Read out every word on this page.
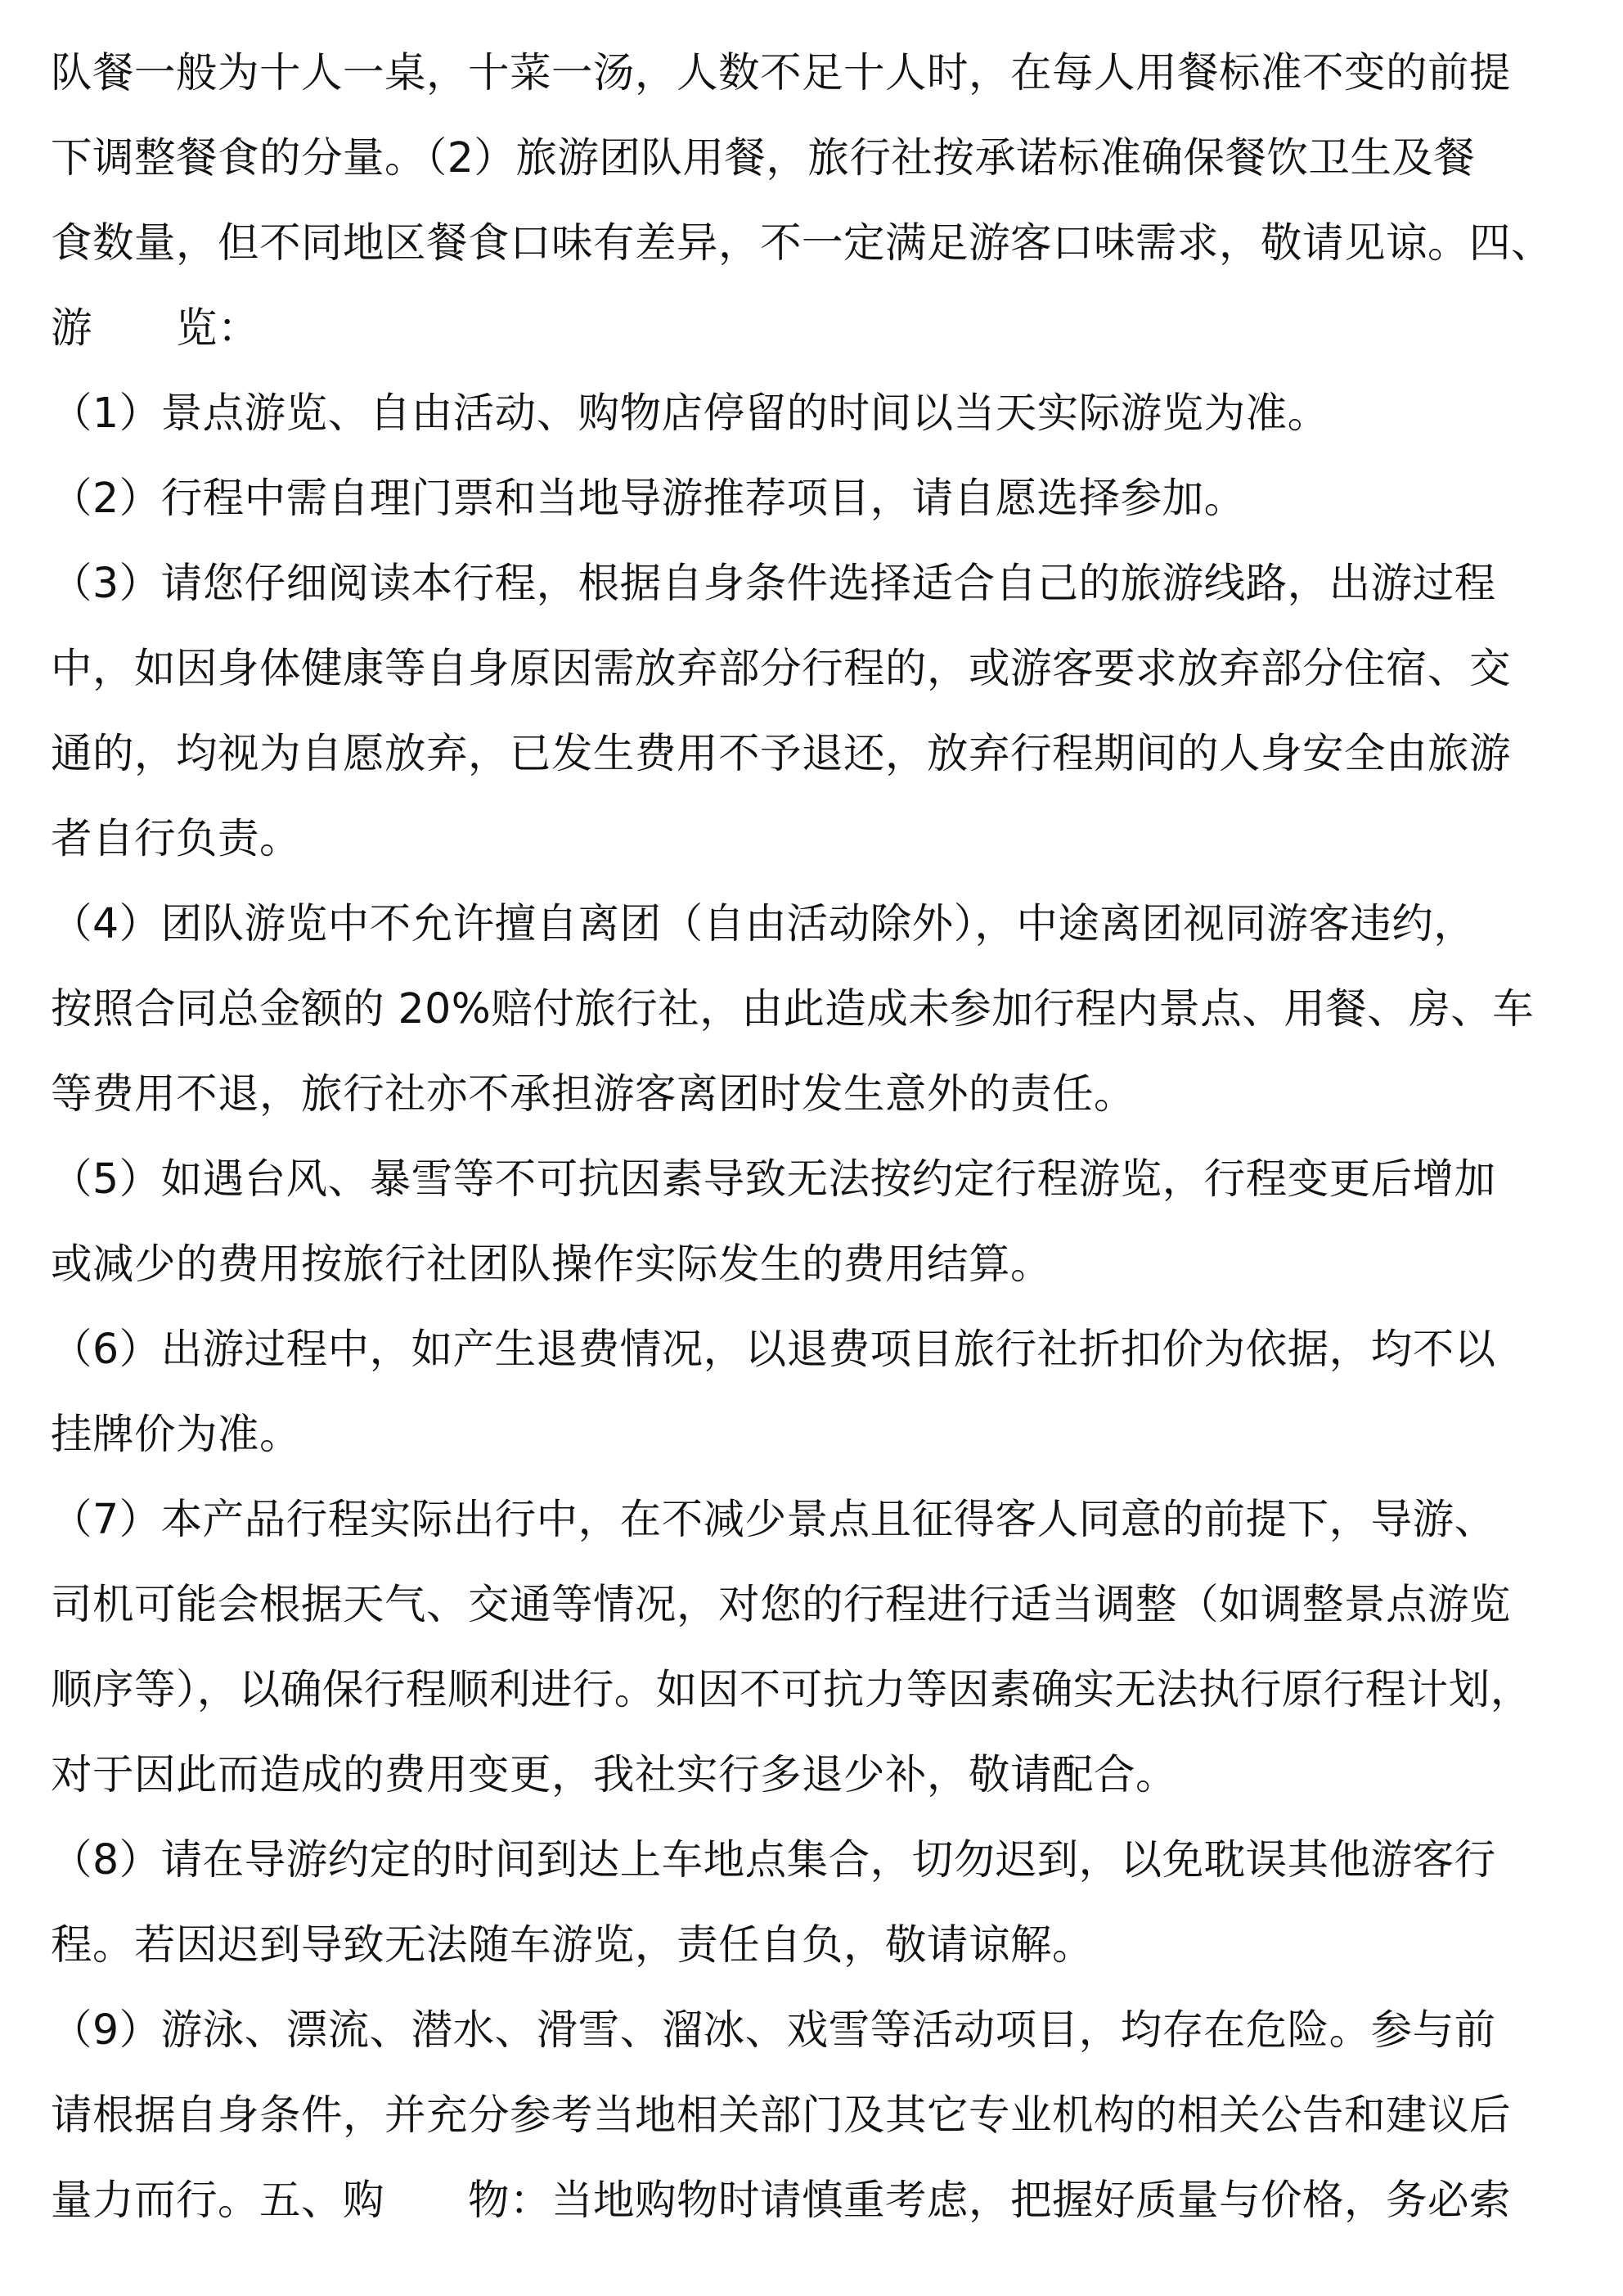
队餐一般为十人一桌，十菜一汤，人数不足十人时，在每人用餐标准不变的前提
下调整餐食的分量。（2）旅游团队用餐，旅行社按承诺标准确保餐饮卫生及餐
食数量，但不同地区餐食口味有差异，不一定满足游客口味需求，敬请见谅。四、
游　　览：
（1）景点游览、自由活动、购物店停留的时间以当天实际游览为准。
（2）行程中需自理门票和当地导游推荐项目，请自愿选择参加。
（3）请您仔细阅读本行程，根据自身条件选择适合自己的旅游线路，出游过程
中，如因身体健康等自身原因需放弃部分行程的，或游客要求放弃部分住宿、交
通的，均视为自愿放弃，已发生费用不予退还，放弃行程期间的人身安全由旅游
者自行负责。
（4）团队游览中不允许擅自离团（自由活动除外），中途离团视同游客违约，
按照合同总金额的 20%赔付旅行社，由此造成未参加行程内景点、用餐、房、车
等费用不退，旅行社亦不承担游客离团时发生意外的责任。
（5）如遇台风、暴雪等不可抗因素导致无法按约定行程游览，行程变更后增加
或减少的费用按旅行社团队操作实际发生的费用结算。
（6）出游过程中，如产生退费情况，以退费项目旅行社折扣价为依据，均不以
挂牌价为准。
（7）本产品行程实际出行中，在不减少景点且征得客人同意的前提下，导游、
司机可能会根据天气、交通等情况，对您的行程进行适当调整（如调整景点游览
顺序等），以确保行程顺利进行。如因不可抗力等因素确实无法执行原行程计划，
对于因此而造成的费用变更，我社实行多退少补，敬请配合。
（8）请在导游约定的时间到达上车地点集合，切勿迟到，以免耽误其他游客行
程。若因迟到导致无法随车游览，责任自负，敬请谅解。
（9）游泳、漂流、潜水、滑雪、溜冰、戏雪等活动项目，均存在危险。参与前
请根据自身条件，并充分参考当地相关部门及其它专业机构的相关公告和建议后
量力而行。五、购　　物：当地购物时请慎重考虑，把握好质量与价格，务必索
